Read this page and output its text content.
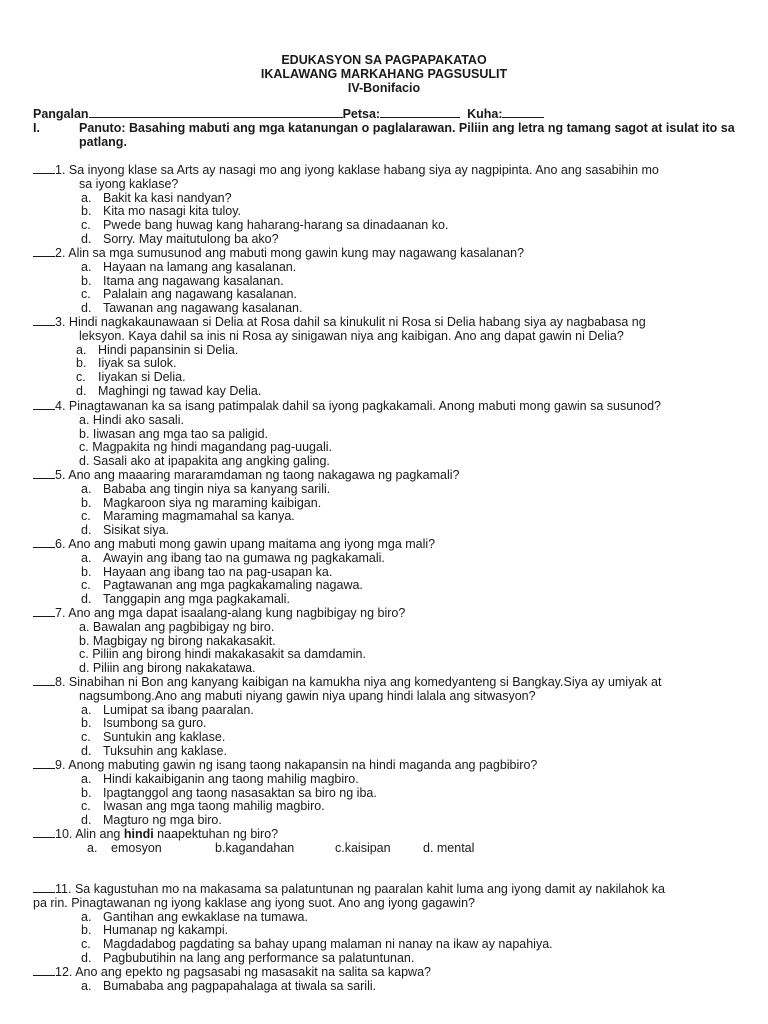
EDUKASYON SA PAGPAPAKATAO
IKALAWANG MARKAHANG PAGSUSULIT
IV-Bonifacio
Pangalan	Petsa:	Kuha:
I.	Panuto: Basahing mabuti ang mga katanungan o paglalarawan. Piliin ang letra ng tamang sagot at isulat ito sa patlang.
1. Sa inyong klase sa Arts ay nasagi mo ang iyong kaklase habang siya ay nagpipinta. Ano ang sasabihin mo
sa iyong kaklase?
a. Bakit ka kasi nandyan?
b. Kita mo nasagi kita tuloy.
c. Pwede bang huwag kang haharang-harang sa dinadaanan ko.
d. Sorry. May maitutulong ba ako?
2. Alin sa mga sumusunod ang mabuti mong gawin kung may nagawang kasalanan?
a. Hayaan na lamang ang kasalanan.
b. Itama ang nagawang kasalanan.
c. Palalain ang nagawang kasalanan.
d. Tawanan ang nagawang kasalanan.
3. Hindi nagkakaunawaan si Delia at Rosa dahil sa kinukulit ni Rosa si Delia habang siya ay nagbabasa ng
leksyon. Kaya dahil sa inis ni Rosa ay sinigawan niya ang kaibigan. Ano ang dapat gawin ni Delia?
a. Hindi papansinin si Delia.
b. Iiyak sa sulok.
c. Iiyakan si Delia.
d. Maghingi ng tawad kay Delia.
4. Pinagtawanan ka sa isang patimpalak dahil sa iyong pagkakamali. Anong mabuti mong gawin sa susunod?
a. Hindi ako sasali.
b. Iiwasan ang mga tao sa paligid.
c. Magpakita ng hindi magandang pag-uugali.
d. Sasali ako at ipapakita ang angking galing.
5. Ano ang maaaring mararamdaman ng taong nakagawa ng pagkamali?
a. Bababa ang tingin niya sa kanyang sarili.
b. Magkaroon siya ng maraming kaibigan.
c. Maraming magmamahal sa kanya.
d. Sisikat siya.
6. Ano ang mabuti mong gawin upang maitama ang iyong mga mali?
a. Awayin ang ibang tao na gumawa ng pagkakamali.
b. Hayaan ang ibang tao na pag-usapan ka.
c. Pagtawanan ang mga pagkakamaling nagawa.
d. Tanggapin ang mga pagkakamali.
7. Ano ang mga dapat isaalang-alang kung nagbibigay ng biro?
a. Bawalan ang pagbibigay ng biro.
b. Magbigay ng birong nakakasakit.
c. Piliin ang birong hindi makakasakit sa damdamin.
d. Piliin ang birong nakakatawa.
8. Sinabihan ni Bon ang kanyang kaibigan na kamukha niya ang komedyanteng si Bangkay.Siya ay umiyak at
nagsumbong.Ano ang mabuti niyang gawin niya upang hindi lalala ang sitwasyon?
a. Lumipat sa ibang paaralan.
b. Isumbong sa guro.
c. Suntukin ang kaklase.
d. Tuksuhin ang kaklase.
9. Anong mabuting gawin ng isang taong nakapansin na hindi maganda ang pagbibiro?
a. Hindi kakaibiganin ang taong mahilig magbiro.
b. Ipagtanggol ang taong nasasaktan sa biro ng iba.
c. Iwasan ang mga taong mahilig magbiro.
d. Magturo ng mga biro.
10. Alin ang hindi naapektuhan ng biro?
a. emosyon	b.kagandahan	c.kaisipan	d. mental
11. Sa kagustuhan mo na makasama sa palatuntunan ng paaralan kahit luma ang iyong damit ay nakilahok ka
pa rin. Pinagtawanan ng iyong kaklase ang iyong suot. Ano ang iyong gagawin?
a. Gantihan ang ewkaklase na tumawa.
b. Humanap ng kakampi.
c. Magdadabog pagdating sa bahay upang malaman ni nanay na ikaw ay napahiya.
d. Pagbubutihin na lang ang performance sa palatuntunan.
12. Ano ang epekto ng pagsasabi ng masasakit na salita sa kapwa?
a. Bumababa ang pagpapahalaga at tiwala sa sarili.
